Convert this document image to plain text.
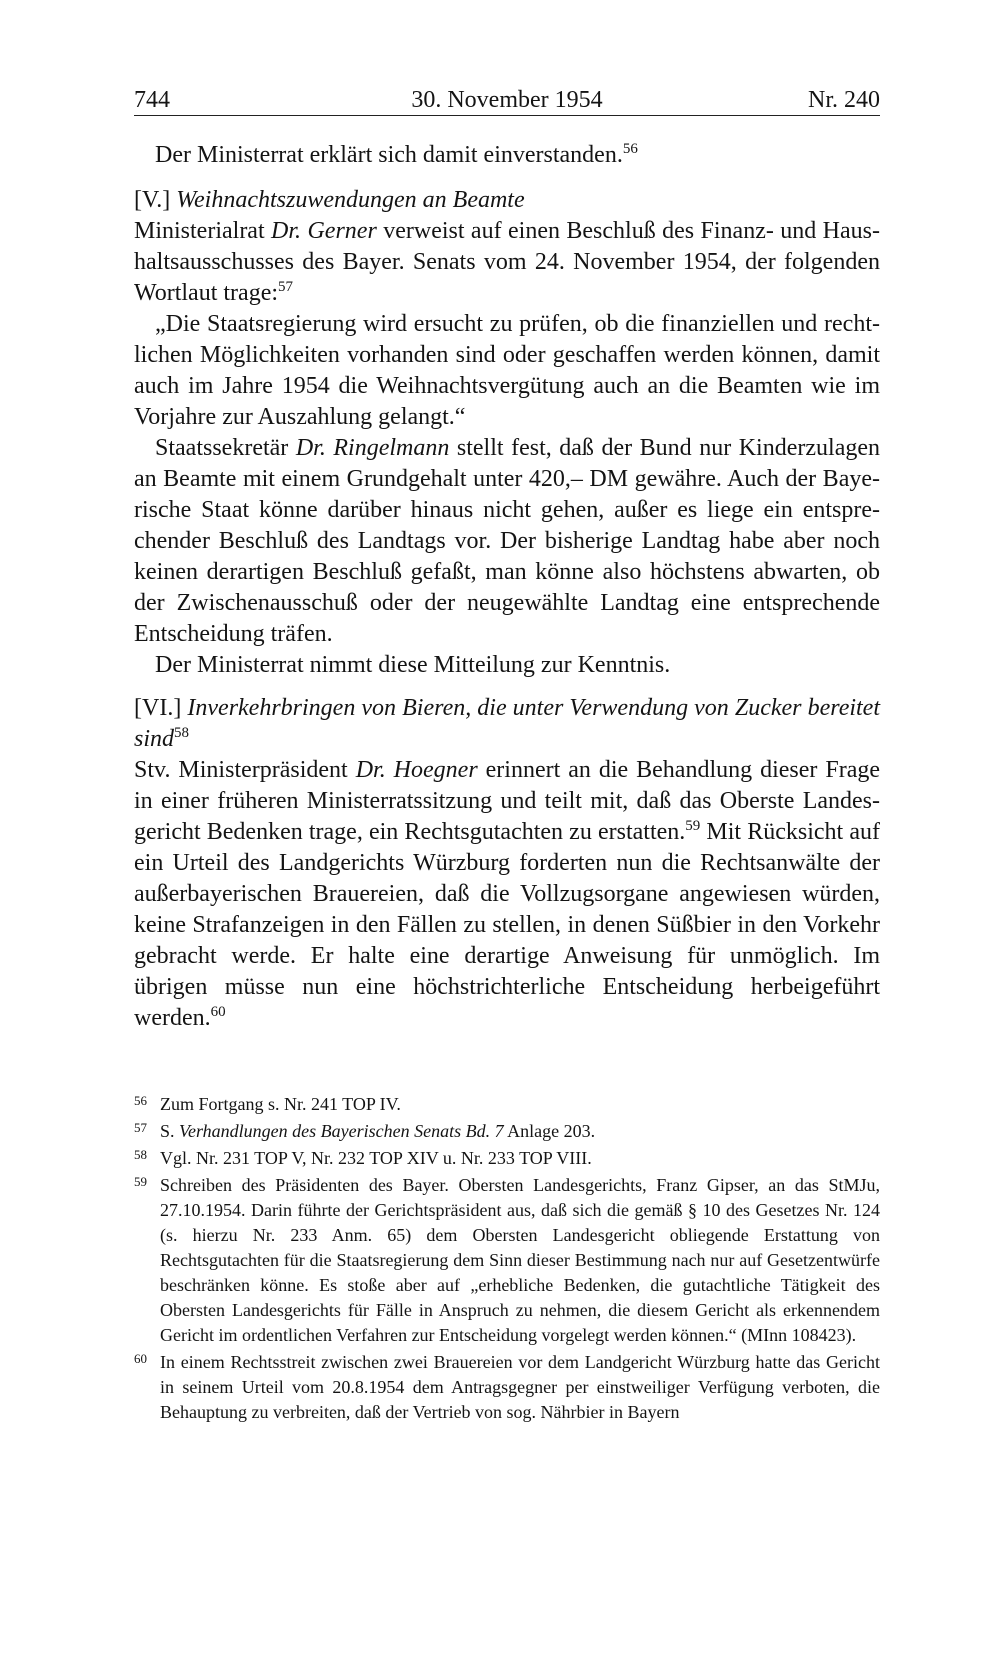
744	30. November 1954	Nr. 240

Der Ministerrat erklärt sich damit einverstanden.$^{56}$

[V.] Weihnachtszuwendungen an Beamte

Ministerialrat Dr. Gerner verweist auf einen Beschluß des Finanz- und Haushaltsausschusses des Bayer. Senats vom 24. November 1954, der folgenden Wortlaut trage:$^{57}$

„Die Staatsregierung wird ersucht zu prüfen, ob die finanziellen und rechtlichen Möglichkeiten vorhanden sind oder geschaffen werden können, damit auch im Jahre 1954 die Weihnachtsvergütung auch an die Beamten wie im Vorjahre zur Auszahlung gelangt.“

Staatssekretär Dr. Ringelmann stellt fest, daß der Bund nur Kinderzulagen an Beamte mit einem Grundgehalt unter 420,– DM gewähre. Auch der Bayerische Staat könne darüber hinaus nicht gehen, außer es liege ein entsprechender Beschluß des Landtags vor. Der bisherige Landtag habe aber noch keinen derartigen Beschluß gefaßt, man könne also höchstens abwarten, ob der Zwischenausschuß oder der neugewählte Landtag eine entsprechende Entscheidung träfen.

Der Ministerrat nimmt diese Mitteilung zur Kenntnis.

[VI.] Inverkehrbringen von Bieren, die unter Verwendung von Zucker bereitet sind$^{58}$

Stv. Ministerpräsident Dr. Hoegner erinnert an die Behandlung dieser Frage in einer früheren Ministerratssitzung und teilt mit, daß das Oberste Landesgericht Bedenken trage, ein Rechtsgutachten zu erstatten.$^{59}$ Mit Rücksicht auf ein Urteil des Landgerichts Würzburg forderten nun die Rechtsanwälte der außerbayerischen Brauereien, daß die Vollzugsorgane angewiesen würden, keine Strafanzeigen in den Fällen zu stellen, in denen Süßbier in den Vorkehr gebracht werde. Er halte eine derartige Anweisung für unmöglich. Im übrigen müsse nun eine höchstrichterliche Entscheidung herbeigeführt werden.$^{60}$

56 Zum Fortgang s. Nr. 241 TOP IV.

57 S. Verhandlungen des Bayerischen Senats Bd. 7 Anlage 203.

58 Vgl. Nr. 231 TOP V, Nr. 232 TOP XIV u. Nr. 233 TOP VIII.

59 Schreiben des Präsidenten des Bayer. Obersten Landesgerichts, Franz Gipser, an das StMJu, 27.10.1954. Darin führte der Gerichtspräsident aus, daß sich die gemäß § 10 des Gesetzes Nr. 124 (s. hierzu Nr. 233 Anm. 65) dem Obersten Landesgericht obliegende Erstattung von Rechtsgutachten für die Staatsregierung dem Sinn dieser Bestimmung nach nur auf Gesetzentwürfe beschränken könne. Es stoße aber auf „erhebliche Bedenken, die gutachtliche Tätigkeit des Obersten Landesgerichts für Fälle in Anspruch zu nehmen, die diesem Gericht als erkennendem Gericht im ordentlichen Verfahren zur Entscheidung vorgelegt werden können.“ (MInn 108423).

60 In einem Rechtsstreit zwischen zwei Brauereien vor dem Landgericht Würzburg hatte das Gericht in seinem Urteil vom 20.8.1954 dem Antragsgegner per einstweiliger Verfügung verboten, die Behauptung zu verbreiten, daß der Vertrieb von sog. Nährbier in Bayern
